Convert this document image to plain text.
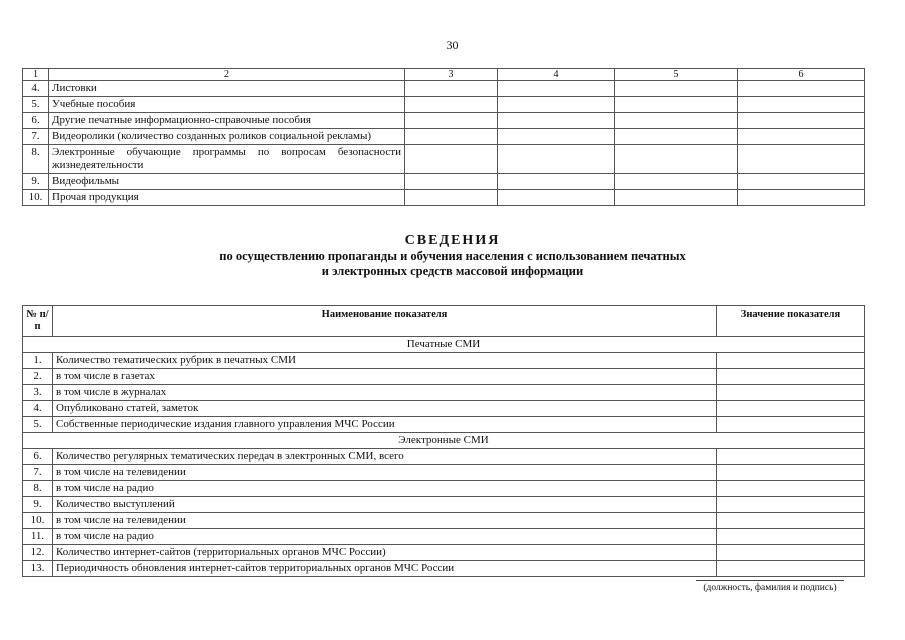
30
1	2	3	4	5	6
4.	Листовки				
5.	Учебные пособия				
6.	Другие печатные информационно-справочные пособия				
7.	Видеоролики (количество созданных роликов социальной рекламы)				
8.	Электронные обучающие программы по вопросам безопасности жизнедеятельности				
9.	Видеофильмы				
10.	Прочая продукция				
СВЕДЕНИЯ
по осуществлению пропаганды и обучения населения с использованием печатных
и электронных средств массовой информации
№ п/п	Наименование показателя	Значение показателя
Печатные СМИ		
1.	Количество тематических рубрик в печатных СМИ	
2.	в том числе в газетах	
3.	в том числе в журналах	
4.	Опубликовано статей, заметок	
5.	Собственные периодические издания главного управления МЧС России	
Электронные СМИ		
6.	Количество регулярных тематических передач в электронных СМИ, всего	
7.	в том числе на телевидении	
8.	в том числе на радио	
9.	Количество выступлений	
10.	в том числе на телевидении	
11.	в том числе на радио	
12.	Количество интернет-сайтов (территориальных органов МЧС России)	
13.	Периодичность обновления интернет-сайтов территориальных органов МЧС России	
(должность, фамилия и подпись)
